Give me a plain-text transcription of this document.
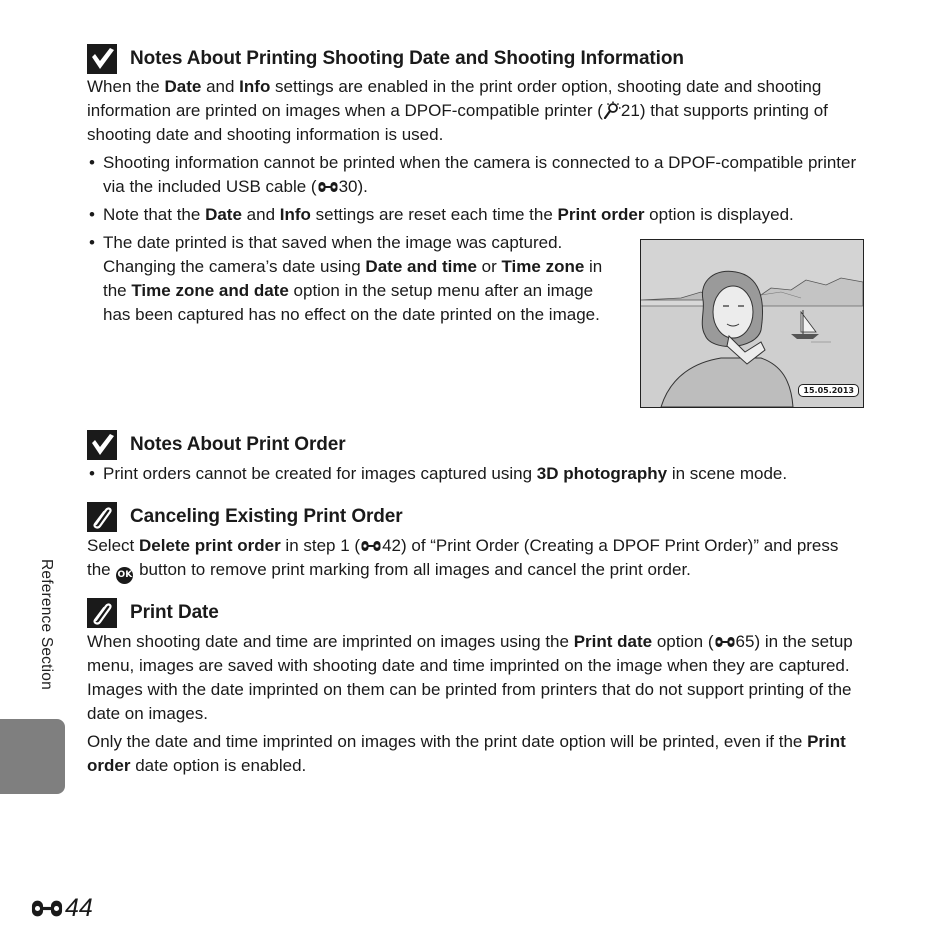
Notes About Printing Shooting Date and Shooting Information

When the Date and Info settings are enabled in the print order option, shooting date and shooting information are printed on images when a DPOF-compatible printer ( 21) that supports printing of shooting date and shooting information is used.

• Shooting information cannot be printed when the camera is connected to a DPOF-compatible printer via the included USB cable ( 30).
• Note that the Date and Info settings are reset each time the Print order option is displayed.
• The date printed is that saved when the image was captured. Changing the camera’s date using Date and time or Time zone in the Time zone and date option in the setup menu after an image has been captured has no effect on the date printed on the image.
15.05.2013
Notes About Print Order
• Print orders cannot be created for images captured using 3D photography in scene mode.
Canceling Existing Print Order

Select Delete print order in step 1 ( 42) of “Print Order (Creating a DPOF Print Order)” and press the OK button to remove print marking from all images and cancel the print order.

Print Date

When shooting date and time are imprinted on images using the Print date option ( 65) in the setup menu, images are saved with shooting date and time imprinted on the image when they are captured. Images with the date imprinted on them can be printed from printers that do not support printing of the date on images.

Only the date and time imprinted on images with the print date option will be printed, even if the Print order date option is enabled.

Reference Section
44
